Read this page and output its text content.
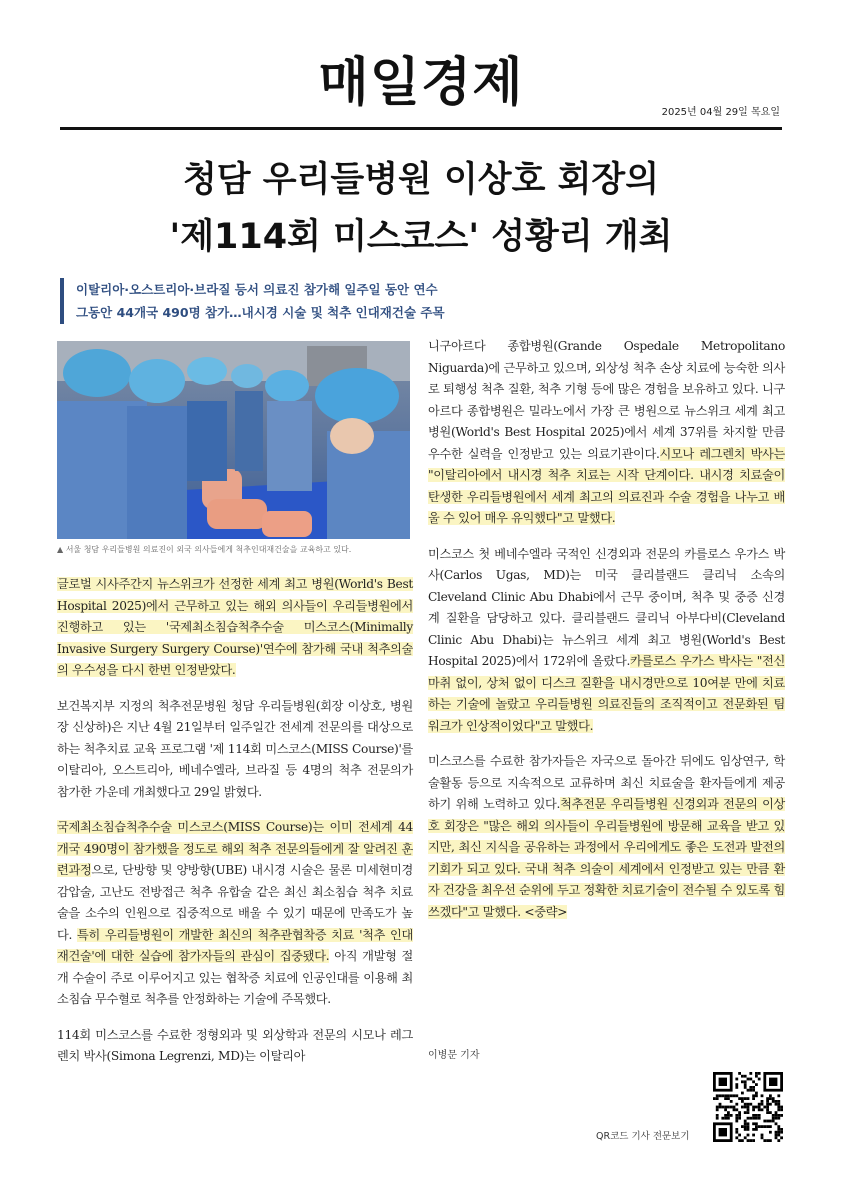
매일경제	2025년 04월 29일 목요일
청담 우리들병원 이상호 회장의
'제114회 미스코스' 성황리 개최
이탈리아·오스트리아·브라질 등서 의료진 참가해 일주일 동안 연수
그동안 44개국 490명 참가…내시경 시술 및 척추 인대재건술 주목
▲ 서울 청담 우리들병원 의료진이 외국 의사들에게 척추인대재건술을 교육하고 있다.

글로벌 시사주간지 뉴스위크가 선정한 세계 최고 병원(World's Best Hospital 2025)에서 근무하고 있는 해외 의사들이 우리들병원에서 진행하고 있는 '국제최소침습척추수술 미스코스(Minimally Invasive Surgery Surgery Course)'연수에 참가해 국내 척추의술의 우수성을 다시 한번 인정받았다.

보건복지부 지정의 척추전문병원 청담 우리들병원(회장 이상호, 병원장 신상하)은 지난 4월 21일부터 일주일간 전세계 전문의를 대상으로 하는 척추치료 교육 프로그램 '제 114회 미스코스(MISS Course)'를 이탈리아, 오스트리아, 베네수엘라, 브라질 등 4명의 척추 전문의가 참가한 가운데 개최했다고 29일 밝혔다.

국제최소침습척추수술 미스코스(MISS Course)는 이미 전세계 44개국 490명이 참가했을 정도로 해외 척추 전문의들에게 잘 알려진 훈련과정으로, 단방향 및 양방향(UBE) 내시경 시술은 물론 미세현미경 감압술, 고난도 전방접근 척추 유합술 같은 최신 최소침습 척추 치료술을 소수의 인원으로 집중적으로 배울 수 있기 때문에 만족도가 높다. 특히 우리들병원이 개발한 최신의 척추관협착증 치료 '척추 인대재건술'에 대한 실습에 참가자들의 관심이 집중됐다. 아직 개발형 절개 수술이 주로 이루어지고 있는 협착증 치료에 인공인대를 이용해 최소침습 무수혈로 척추를 안정화하는 기술에 주목했다.

114회 미스코스를 수료한 정형외과 및 외상학과 전문의 시모나 레그렌치 박사(Simona Legrenzi, MD)는 이탈리아

니구아르다 종합병원(Grande Ospedale Metropolitano Niguarda)에 근무하고 있으며, 외상성 척추 손상 치료에 능숙한 의사로 퇴행성 척추 질환, 척추 기형 등에 많은 경험을 보유하고 있다. 니구아르다 종합병원은 밀라노에서 가장 큰 병원으로 뉴스위크 세계 최고 병원(World's Best Hospital 2025)에서 세계 37위를 차지할 만큼 우수한 실력을 인정받고 있는 의료기관이다.시모나 레그렌치 박사는 "이탈리아에서 내시경 척추 치료는 시작 단계이다. 내시경 치료술이 탄생한 우리들병원에서 세계 최고의 의료진과 수술 경험을 나누고 배울 수 있어 매우 유익했다"고 말했다.

미스코스 첫 베네수엘라 국적인 신경외과 전문의 카를로스 우가스 박사(Carlos Ugas, MD)는 미국 클리블랜드 클리닉 소속의 Cleveland Clinic Abu Dhabi에서 근무 중이며, 척추 및 중증 신경계 질환을 담당하고 있다. 클리블랜드 클리닉 아부다비(Cleveland Clinic Abu Dhabi)는 뉴스위크 세계 최고 병원(World's Best Hospital 2025)에서 172위에 올랐다.카를로스 우가스 박사는 "전신마취 없이, 상처 없이 디스크 질환을 내시경만으로 10여분 만에 치료하는 기술에 놀랐고 우리들병원 의료진들의 조직적이고 전문화된 팀워크가 인상적이었다"고 말했다.

미스코스를 수료한 참가자들은 자국으로 돌아간 뒤에도 임상연구, 학술활동 등으로 지속적으로 교류하며 최신 치료술을 환자들에게 제공하기 위해 노력하고 있다.척추전문 우리들병원 신경외과 전문의 이상호 회장은 "많은 해외 의사들이 우리들병원에 방문해 교육을 받고 있지만, 최신 지식을 공유하는 과정에서 우리에게도 좋은 도전과 발전의 기회가 되고 있다. 국내 척추 의술이 세계에서 인정받고 있는 만큼 환자 건강을 최우선 순위에 두고 정확한 치료기술이 전수될 수 있도록 힘쓰겠다"고 말했다. <중략>

이병문 기자
QR코드 기사 전문보기
